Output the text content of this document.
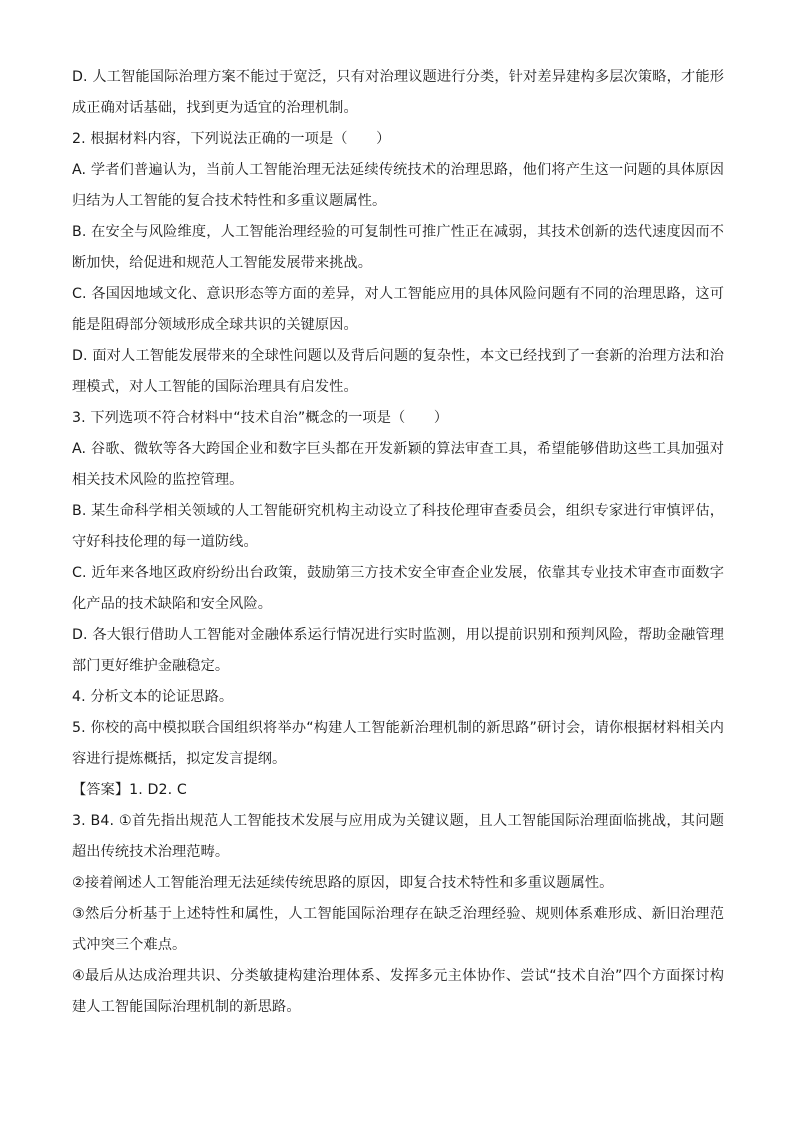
D. 人工智能国际治理方案不能过于宽泛，只有对治理议题进行分类，针对差异建构多层次策略，才能形成正确对话基础，找到更为适宜的治理机制。

2. 根据材料内容，下列说法正确的一项是（　　）

A. 学者们普遍认为，当前人工智能治理无法延续传统技术的治理思路，他们将产生这一问题的具体原因归结为人工智能的复合技术特性和多重议题属性。

B. 在安全与风险维度，人工智能治理经验的可复制性可推广性正在减弱，其技术创新的迭代速度因而不断加快，给促进和规范人工智能发展带来挑战。

C. 各国因地域文化、意识形态等方面的差异，对人工智能应用的具体风险问题有不同的治理思路，这可能是阻碍部分领域形成全球共识的关键原因。

D. 面对人工智能发展带来的全球性问题以及背后问题的复杂性，本文已经找到了一套新的治理方法和治理模式，对人工智能的国际治理具有启发性。

3. 下列选项不符合材料中“技术自治”概念的一项是（　　）

A. 谷歌、微软等各大跨国企业和数字巨头都在开发新颖的算法审查工具，希望能够借助这些工具加强对相关技术风险的监控管理。

B. 某生命科学相关领域的人工智能研究机构主动设立了科技伦理审查委员会，组织专家进行审慎评估，守好科技伦理的每一道防线。

C. 近年来各地区政府纷纷出台政策，鼓励第三方技术安全审查企业发展，依靠其专业技术审查市面数字化产品的技术缺陷和安全风险。

D. 各大银行借助人工智能对金融体系运行情况进行实时监测，用以提前识别和预判风险，帮助金融管理部门更好维护金融稳定。

4. 分析文本的论证思路。

5. 你校的高中模拟联合国组织将举办“构建人工智能新治理机制的新思路”研讨会，请你根据材料相关内容进行提炼概括，拟定发言提纲。

【答案】1. D2. C

3. B4. ①首先指出规范人工智能技术发展与应用成为关键议题，且人工智能国际治理面临挑战，其问题超出传统技术治理范畴。

②接着阐述人工智能治理无法延续传统思路的原因，即复合技术特性和多重议题属性。

③然后分析基于上述特性和属性，人工智能国际治理存在缺乏治理经验、规则体系难形成、新旧治理范式冲突三个难点。

④最后从达成治理共识、分类敏捷构建治理体系、发挥多元主体协作、尝试“技术自治”四个方面探讨构建人工智能国际治理机制的新思路。
